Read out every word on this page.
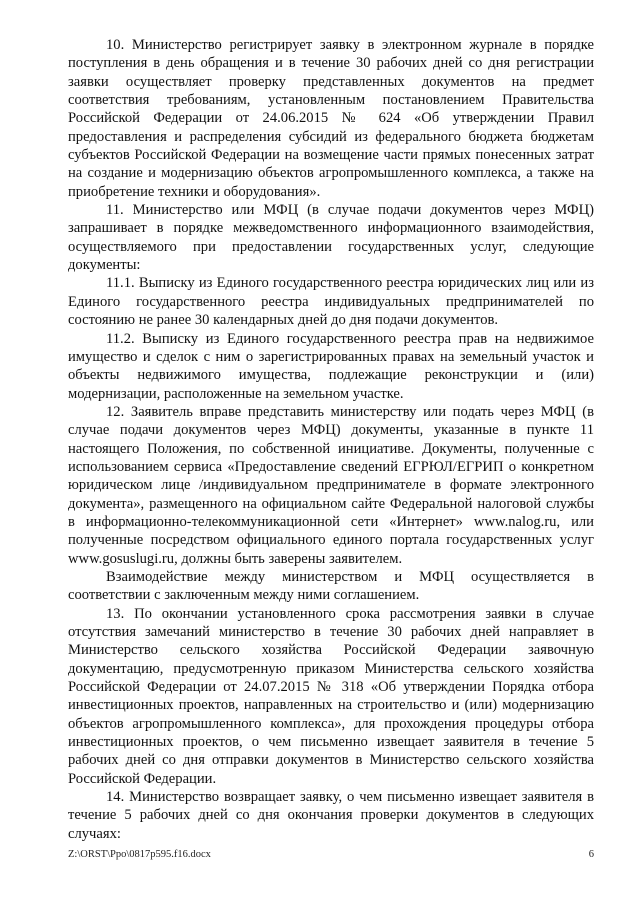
10. Министерство регистрирует заявку в электронном журнале в порядке поступления в день обращения и в течение 30 рабочих дней со дня регистрации заявки осуществляет проверку представленных документов на предмет соответствия требованиям, установленным постановлением Правительства Российской Федерации от 24.06.2015 № 624 «Об утверждении Правил предоставления и распределения субсидий из федерального бюджета бюджетам субъектов Российской Федерации на возмещение части прямых понесенных затрат на создание и модернизацию объектов агропромышленного комплекса, а также на приобретение техники и оборудования».

11. Министерство или МФЦ (в случае подачи документов через МФЦ) запрашивает в порядке межведомственного информационного взаимодействия, осуществляемого при предоставлении государственных услуг, следующие документы:

11.1. Выписку из Единого государственного реестра юридических лиц или из Единого государственного реестра индивидуальных предпринимателей по состоянию не ранее 30 календарных дней до дня подачи документов.

11.2. Выписку из Единого государственного реестра прав на недвижимое имущество и сделок с ним о зарегистрированных правах на земельный участок и объекты недвижимого имущества, подлежащие реконструкции и (или) модернизации, расположенные на земельном участке.

12. Заявитель вправе представить министерству или подать через МФЦ (в случае подачи документов через МФЦ) документы, указанные в пункте 11 настоящего Положения, по собственной инициативе. Документы, полученные с использованием сервиса «Предоставление сведений ЕГРЮЛ/ЕГРИП о конкретном юридическом лице /индивидуальном предпринимателе в формате электронного документа», размещенного на официальном сайте Федеральной налоговой службы в информационно-телекоммуникационной сети «Интернет» www.nalog.ru, или полученные посредством официального единого портала государственных услуг www.gosuslugi.ru, должны быть заверены заявителем.

Взаимодействие между министерством и МФЦ осуществляется в соответствии с заключенным между ними соглашением.

13. По окончании установленного срока рассмотрения заявки в случае отсутствия замечаний министерство в течение 30 рабочих дней направляет в Министерство сельского хозяйства Российской Федерации заявочную документацию, предусмотренную приказом Министерства сельского хозяйства Российской Федерации от 24.07.2015 № 318 «Об утверждении Порядка отбора инвестиционных проектов, направленных на строительство и (или) модернизацию объектов агропромышленного комплекса», для прохождения процедуры отбора инвестиционных проектов, о чем письменно извещает заявителя в течение 5 рабочих дней со дня отправки документов в Министерство сельского хозяйства Российской Федерации.

14. Министерство возвращает заявку, о чем письменно извещает заявителя в течение 5 рабочих дней со дня окончания проверки документов в следующих случаях:

Z:\ORST\Ppo\0817p595.f16.docx	6
